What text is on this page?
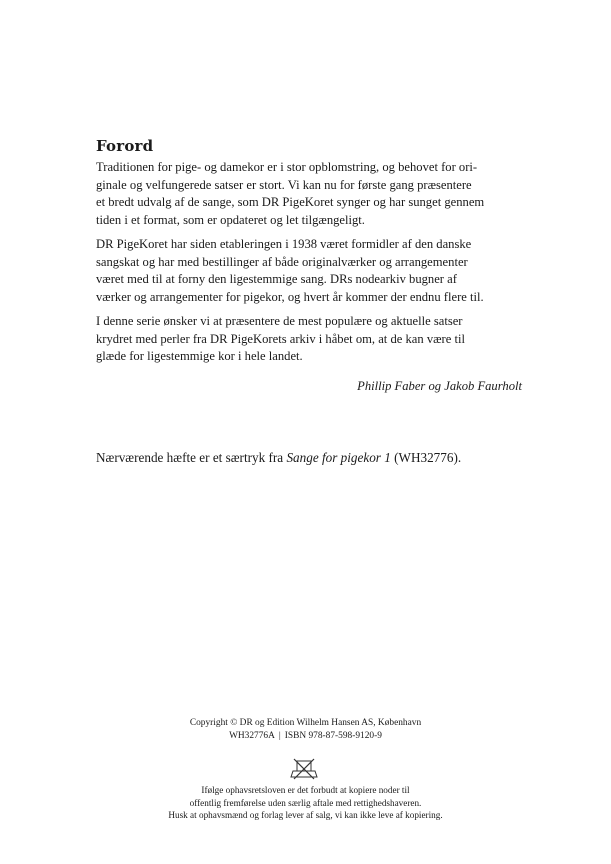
Forord

Traditionen for pige- og damekor er i stor opblomstring, og behovet for ori-
ginale og velfungerede satser er stort. Vi kan nu for første gang præsentere
et bredt udvalg af de sange, som DR PigeKoret synger og har sunget gennem
tiden i et format, som er opdateret og let tilgængeligt.

DR PigeKoret har siden etableringen i 1938 været formidler af den danske
sangskat og har med bestillinger af både originalværker og arrangementer
været med til at forny den ligestemmige sang. DRs nodearkiv bugner af
værker og arrangementer for pigekor, og hvert år kommer der endnu flere til.

I denne serie ønsker vi at præsentere de mest populære og aktuelle satser
krydret med perler fra DR PigeKorets arkiv i håbet om, at de kan være til
glæde for ligestemmige kor i hele landet.

Phillip Faber og Jakob Faurholt
Nærværende hæfte er et særtryk fra Sange for pigekor 1 (WH32776).
Copyright © DR og Edition Wilhelm Hansen AS, København
WH32776A | ISBN 978-87-598-9120-9
Ifølge ophavsretsloven er det forbudt at kopiere noder til
offentlig fremførelse uden særlig aftale med rettighedshaveren.
Husk at ophavsmænd og forlag lever af salg, vi kan ikke leve af kopiering.
